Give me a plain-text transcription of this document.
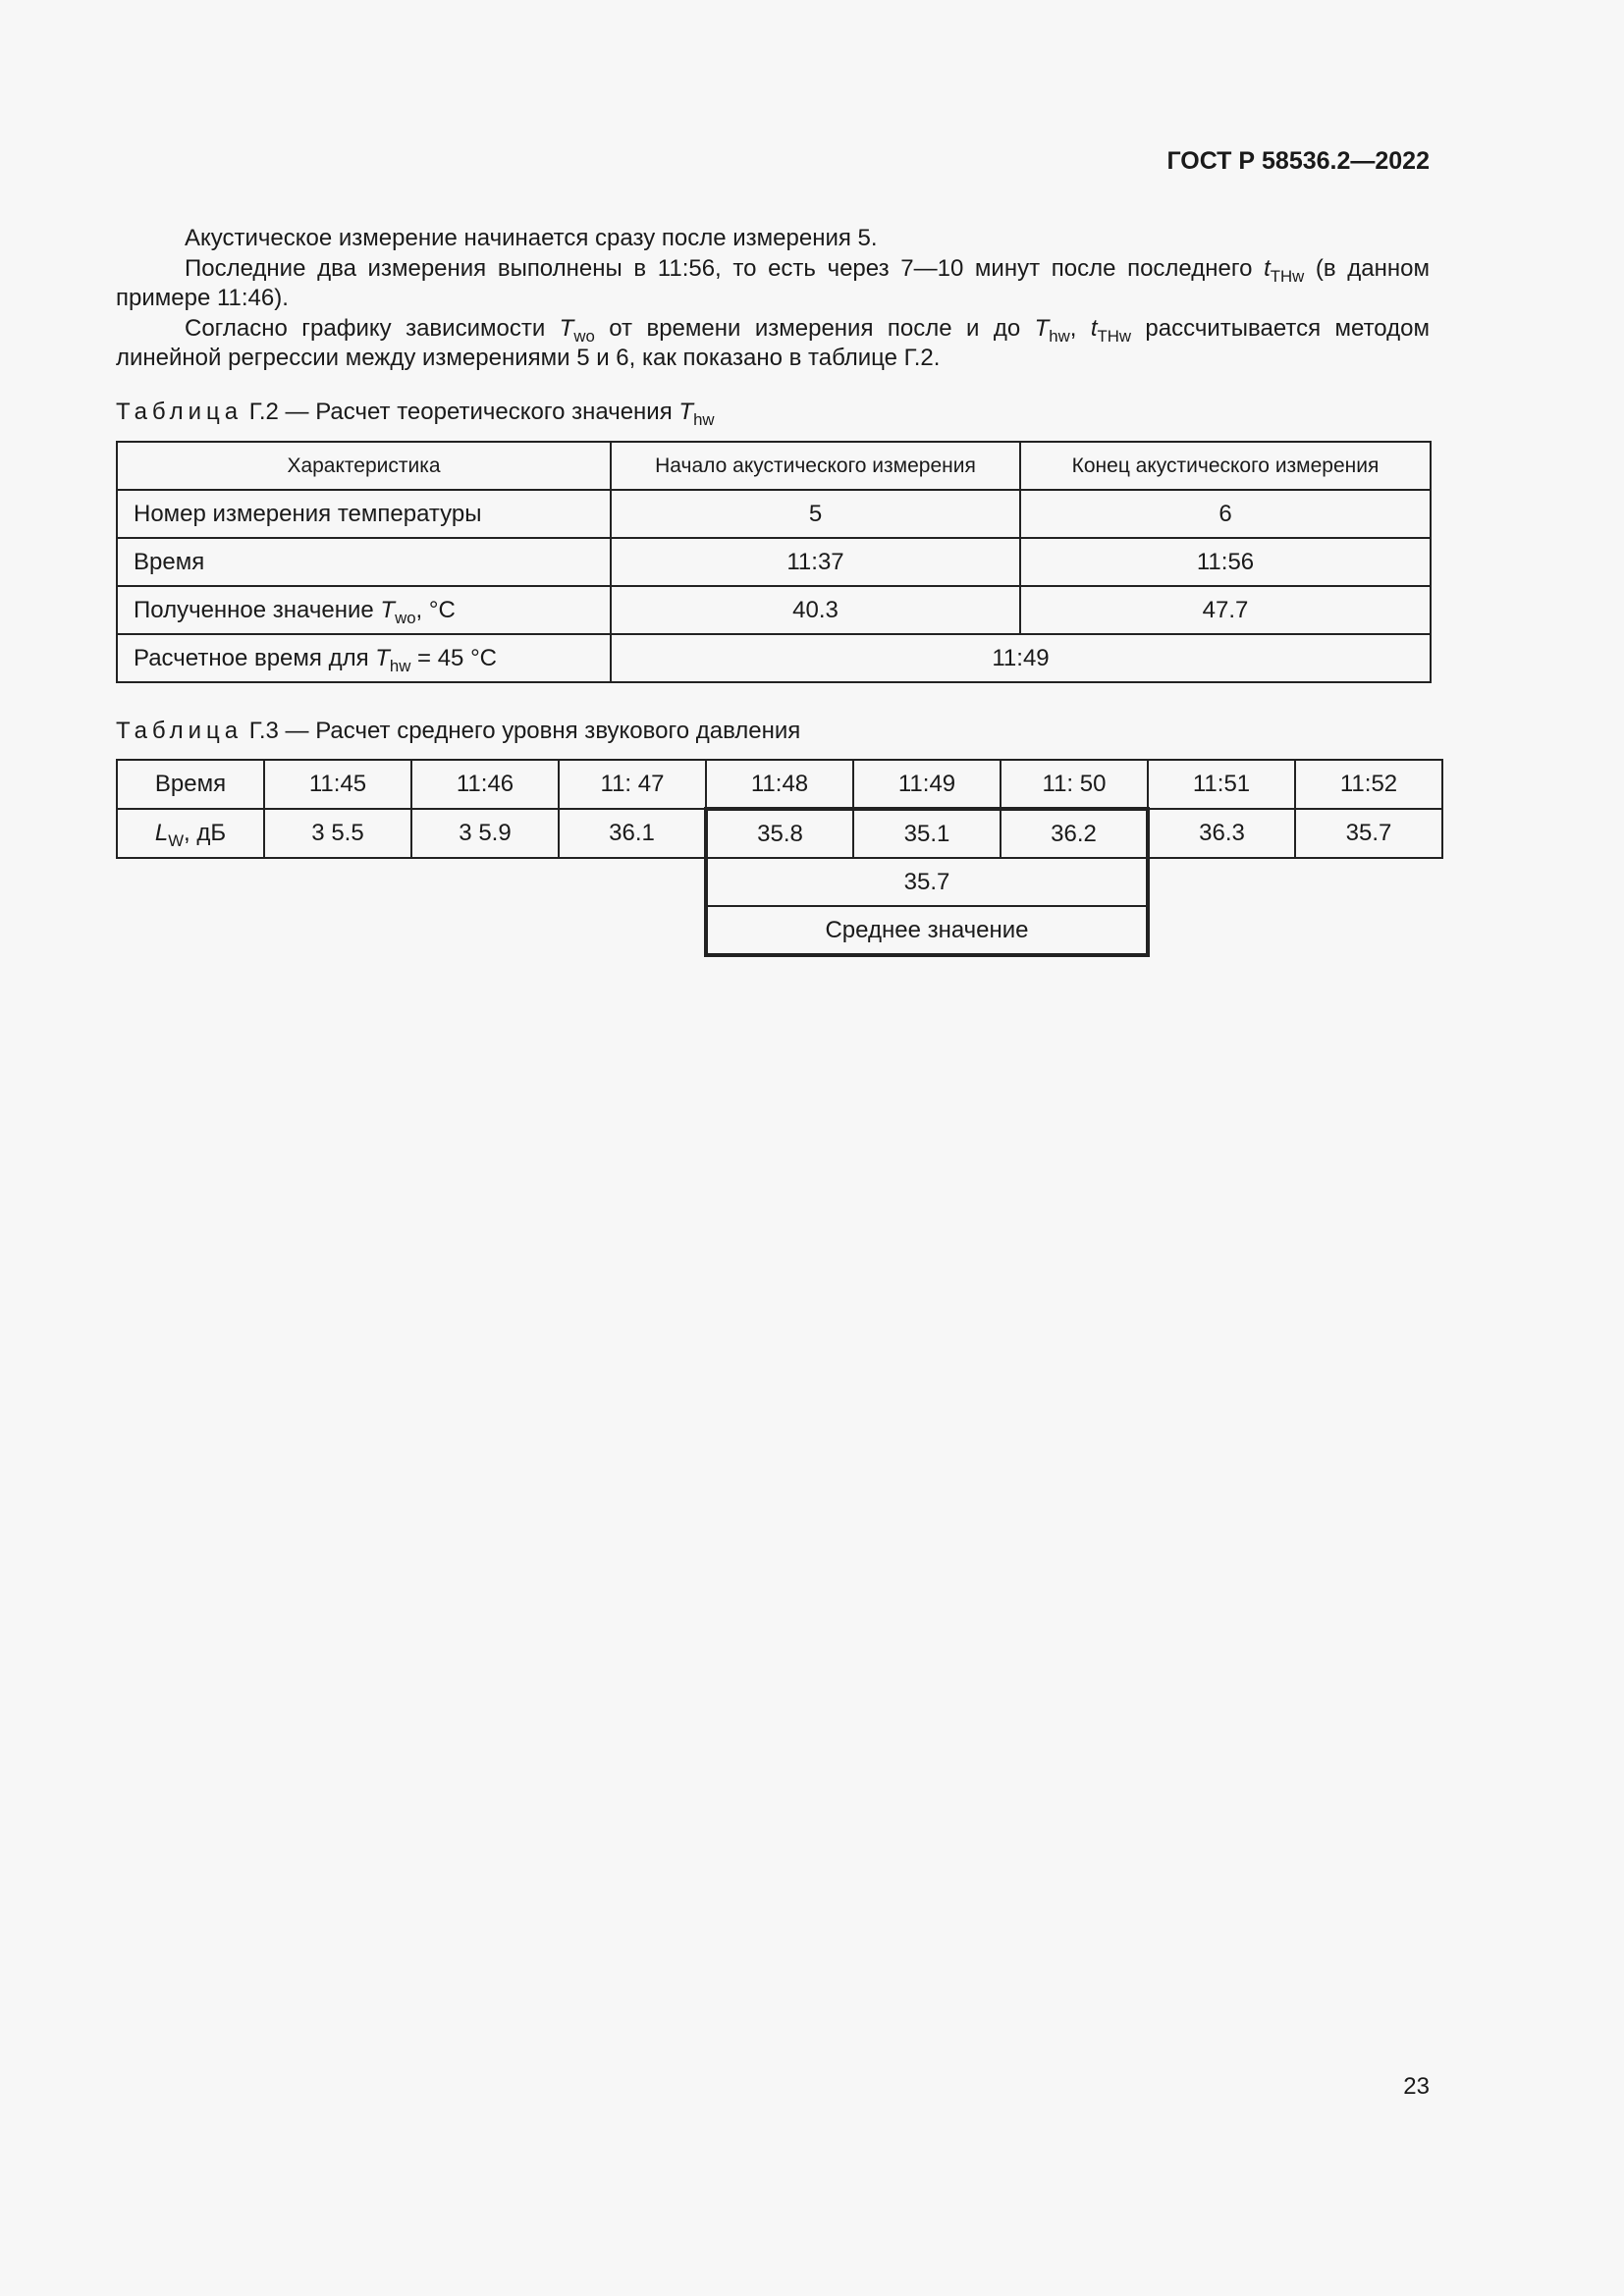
ГОСТ Р 58536.2—2022

Акустическое измерение начинается сразу после измерения 5.

Последние два измерения выполнены в 11:56, то есть через 7—10 минут после последнего $t_{THw}$ (в данном примере 11:46).

Согласно графику зависимости $T_{wo}$ от времени измерения после и до $T_{hw}$, $t_{THw}$ рассчитывается методом линейной регрессии между измерениями 5 и 6, как показано в таблице Г.2.

Таблица Г.2 — Расчет теоретического значения $T_{hw}$
Характеристика	Начало акустического измерения	Конец акустического измерения
Номер измерения температуры	5	6
Время	11:37	11:56
Полученное значение $T_{wo}$, °C	40.3	47.7
Расчетное время для $T_{hw} = 45$ °C	11:49	
Таблица Г.3 — Расчет среднего уровня звукового давления
Время	11:45	11:46	11: 47	11:48	11:49	11: 50	11:51	11:52
$L_W$, дБ	3 5.5	3 5.9	36.1	35.8	35.1	36.2	36.3	35.7
				35.7				
				Среднее значение				
23
